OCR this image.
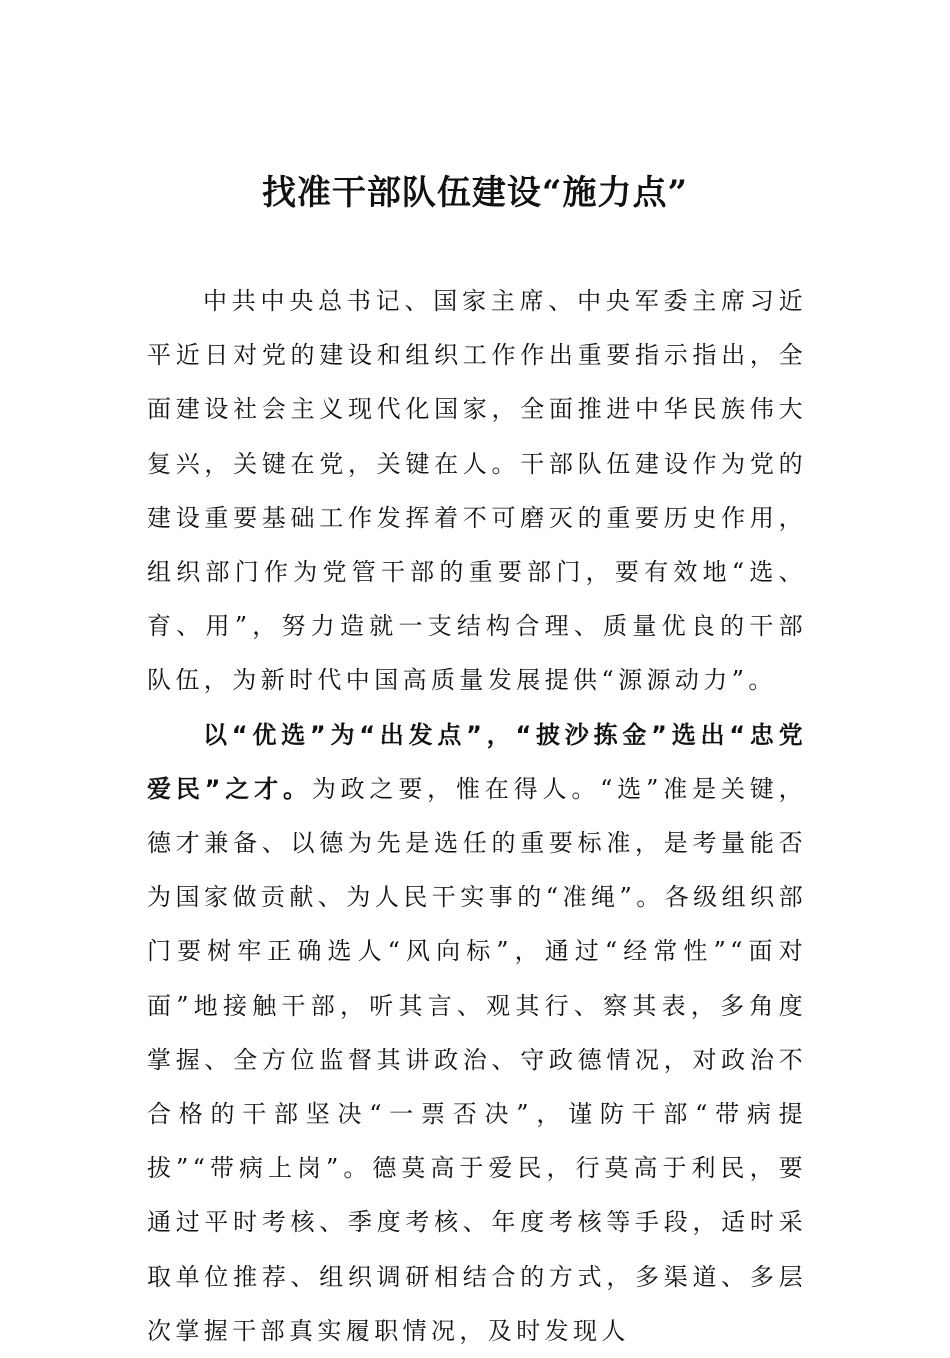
找准干部队伍建设“施力点”

中共中央总书记、国家主席、中央军委主席习近平近日对党的建设和组织工作作出重要指示指出，全面建设社会主义现代化国家，全面推进中华民族伟大复兴，关键在党，关键在人。干部队伍建设作为党的建设重要基础工作发挥着不可磨灭的重要历史作用，组织部门作为党管干部的重要部门，要有效地“选、育、用”，努力造就一支结构合理、质量优良的干部队伍，为新时代中国高质量发展提供“源源动力”。

以“优选”为“出发点”，“披沙拣金”选出“忠党爱民”之才。为政之要，惟在得人。“选”准是关键，德才兼备、以德为先是选任的重要标准，是考量能否为国家做贡献、为人民干实事的“准绳”。各级组织部门要树牢正确选人“风向标”，通过“经常性”“面对面”地接触干部，听其言、观其行、察其表，多角度掌握、全方位监督其讲政治、守政德情况，对政治不合格的干部坚决“一票否决”，谨防干部“带病提拔”“带病上岗”。德莫高于爱民，行莫高于利民，要通过平时考核、季度考核、年度考核等手段，适时采取单位推荐、组织调研相结合的方式，多渠道、多层次掌握干部真实履职情况，及时发现人
